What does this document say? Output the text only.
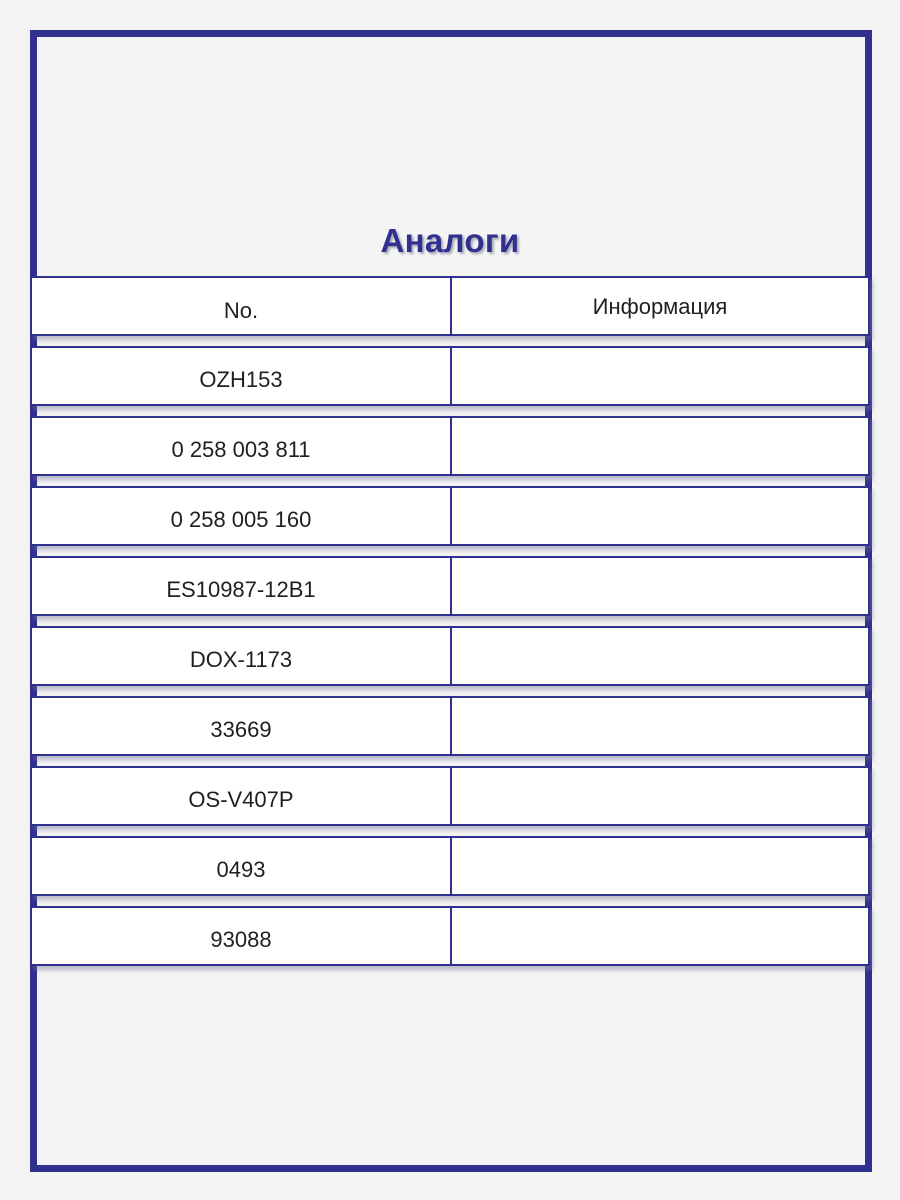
Аналоги
No.	Информация
OZH153
0 258 003 811
0 258 005 160
ES10987-12B1
DOX-1173
33669
OS-V407P
0493
93088
